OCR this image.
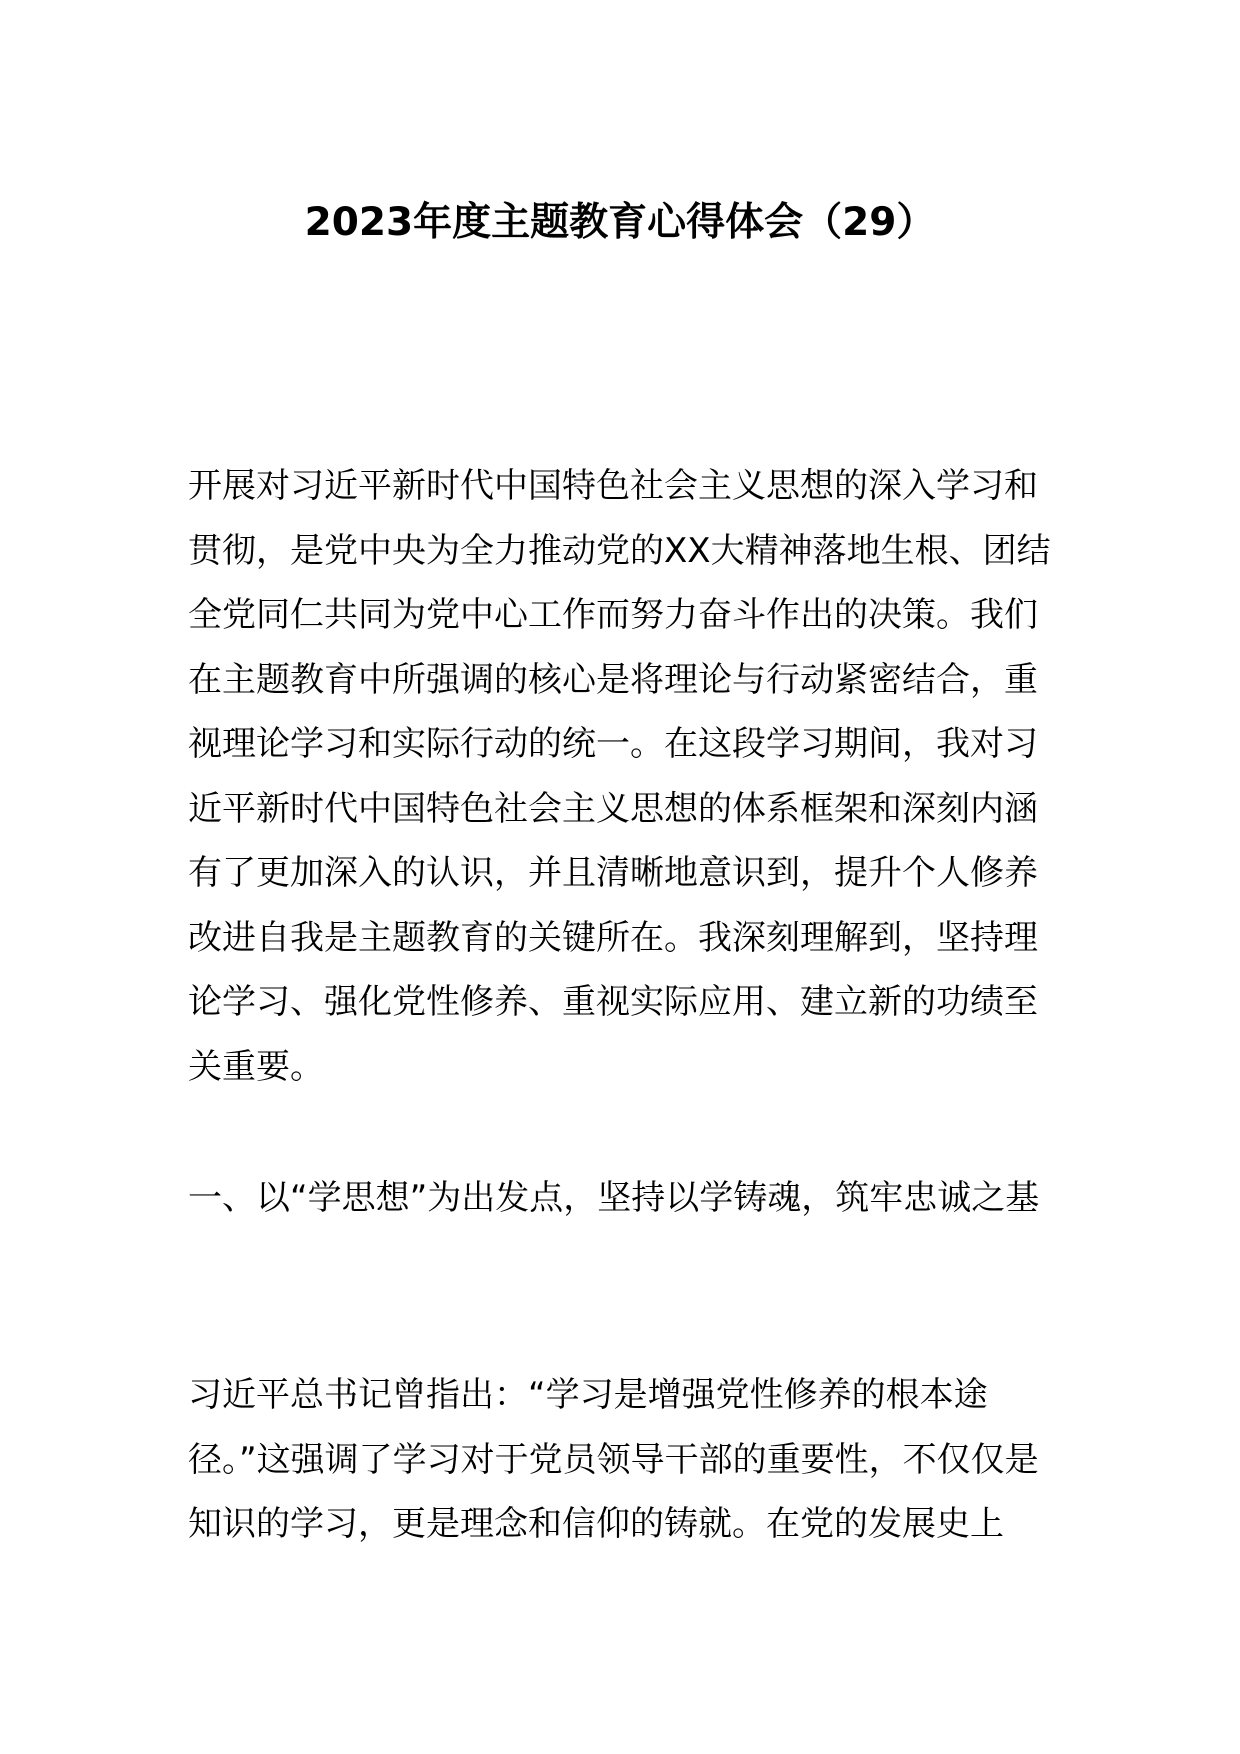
2023年度主题教育心得体会（29）

开展对习近平新时代中国特色社会主义思想的深入学习和贯彻，是党中央为全力推动党的XX大精神落地生根、团结全党同仁共同为党中心工作而努力奋斗作出的决策。我们在主题教育中所强调的核心是将理论与行动紧密结合，重视理论学习和实际行动的统一。在这段学习期间，我对习近平新时代中国特色社会主义思想的体系框架和深刻内涵有了更加深入的认识，并且清晰地意识到，提升个人修养改进自我是主题教育的关键所在。我深刻理解到，坚持理论学习、强化党性修养、重视实际应用、建立新的功绩至关重要。

一、以“学思想”为出发点，坚持以学铸魂，筑牢忠诚之基

习近平总书记曾指出：“学习是增强党性修养的根本途径。”这强调了学习对于党员领导干部的重要性，不仅仅是知识的学习，更是理念和信仰的铸就。在党的发展史上
